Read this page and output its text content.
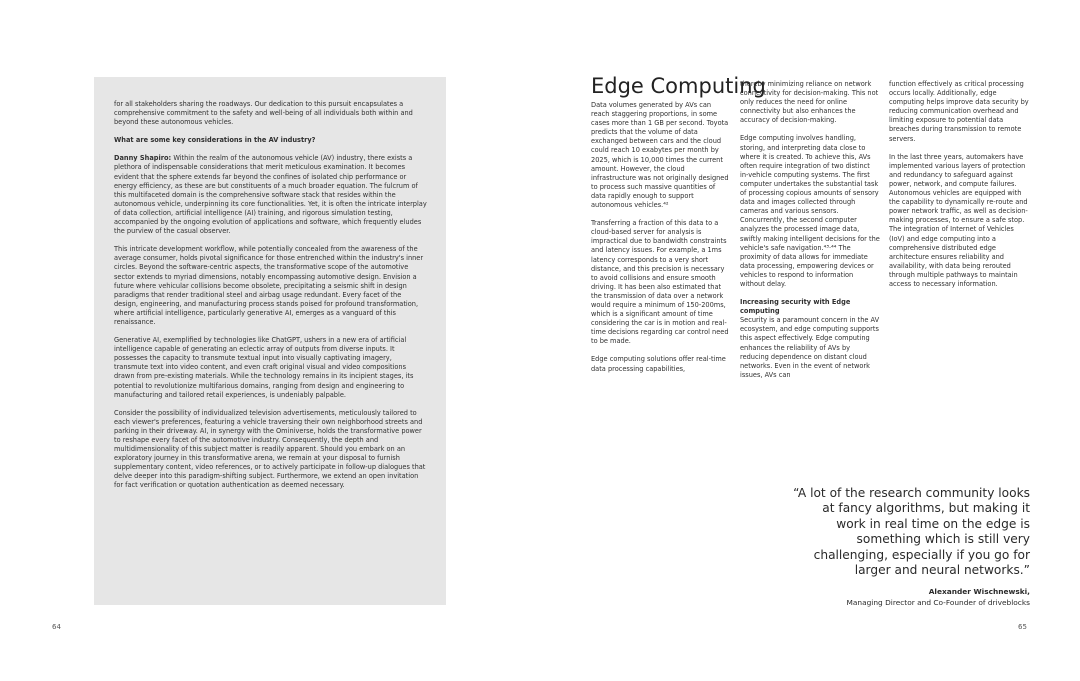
for all stakeholders sharing the roadways. Our dedication to this pursuit encapsulates a comprehensive commitment to the safety and well-being of all individuals both within and beyond these autonomous vehicles.

What are some key considerations in the AV industry?

Danny Shapiro: Within the realm of the autonomous vehicle (AV) industry, there exists a plethora of indispensable considerations that merit meticulous examination. It becomes evident that the sphere extends far beyond the confines of isolated chip performance or energy efficiency, as these are but constituents of a much broader equation. The fulcrum of this multifaceted domain is the comprehensive software stack that resides within the autonomous vehicle, underpinning its core functionalities. Yet, it is often the intricate interplay of data collection, artificial intelligence (AI) training, and rigorous simulation testing, accompanied by the ongoing evolution of applications and software, which frequently eludes the purview of the casual observer.

This intricate development workflow, while potentially concealed from the awareness of the average consumer, holds pivotal significance for those entrenched within the industry's inner circles. Beyond the software-centric aspects, the transformative scope of the automotive sector extends to myriad dimensions, notably encompassing automotive design. Envision a future where vehicular collisions become obsolete, precipitating a seismic shift in design paradigms that render traditional steel and airbag usage redundant. Every facet of the design, engineering, and manufacturing process stands poised for profound transformation, where artificial intelligence, particularly generative AI, emerges as a vanguard of this renaissance.

Generative AI, exemplified by technologies like ChatGPT, ushers in a new era of artificial intelligence capable of generating an eclectic array of outputs from diverse inputs. It possesses the capacity to transmute textual input into visually captivating imagery, transmute text into video content, and even craft original visual and video compositions drawn from pre-existing materials. While the technology remains in its incipient stages, its potential to revolutionize multifarious domains, ranging from design and engineering to manufacturing and tailored retail experiences, is undeniably palpable.

Consider the possibility of individualized television advertisements, meticulously tailored to each viewer's preferences, featuring a vehicle traversing their own neighborhood streets and parking in their driveway. AI, in synergy with the Ominiverse, holds the transformative power to reshape every facet of the automotive industry. Consequently, the depth and multidimensionality of this subject matter is readily apparent. Should you embark on an exploratory journey in this transformative arena, we remain at your disposal to furnish supplementary content, video references, or to actively participate in follow-up dialogues that delve deeper into this paradigm-shifting subject. Furthermore, we extend an open invitation for fact verification or quotation authentication as deemed necessary.

64
Edge Computing

Data volumes generated by AVs can reach staggering proportions, in some cases more than 1 GB per second. Toyota predicts that the volume of data exchanged between cars and the cloud could reach 10 exabytes per month by 2025, which is 10,000 times the current amount. However, the cloud infrastructure was not originally designed to process such massive quantities of data rapidly enough to support autonomous vehicles.⁴²

Transferring a fraction of this data to a cloud-based server for analysis is impractical due to bandwidth constraints and latency issues. For example, a 1ms latency corresponds to a very short distance, and this precision is necessary to avoid collisions and ensure smooth driving. It has been also estimated that the transmission of data over a network would require a minimum of 150-200ms, which is a significant amount of time considering the car is in motion and real-time decisions regarding car control need to be made.

Edge computing solutions offer real-time data processing capabilities,

thereby minimizing reliance on network connectivity for decision-making. This not only reduces the need for online connectivity but also enhances the accuracy of decision-making.

Edge computing involves handling, storing, and interpreting data close to where it is created. To achieve this, AVs often require integration of two distinct in-vehicle computing systems. The first computer undertakes the substantial task of processing copious amounts of sensory data and images collected through cameras and various sensors. Concurrently, the second computer analyzes the processed image data, swiftly making intelligent decisions for the vehicle's safe navigation.⁴³·⁴⁴ The proximity of data allows for immediate data processing, empowering devices or vehicles to respond to information without delay.

Increasing security with Edge computing

Security is a paramount concern in the AV ecosystem, and edge computing supports this aspect effectively. Edge computing enhances the reliability of AVs by reducing dependence on distant cloud networks. Even in the event of network issues, AVs can

function effectively as critical processing occurs locally. Additionally, edge computing helps improve data security by reducing communication overhead and limiting exposure to potential data breaches during transmission to remote servers.

In the last three years, automakers have implemented various layers of protection and redundancy to safeguard against power, network, and compute failures. Autonomous vehicles are equipped with the capability to dynamically re-route and power network traffic, as well as decision-making processes, to ensure a safe stop. The integration of Internet of Vehicles (IoV) and edge computing into a comprehensive distributed edge architecture ensures reliability and availability, with data being rerouted through multiple pathways to maintain access to necessary information.

“A lot of the research community looks at fancy algorithms, but making it work in real time on the edge is something which is still very challenging, especially if you go for larger and neural networks.”

Alexander Wischnewski,
Managing Director and Co-Founder of driveblocks
65
